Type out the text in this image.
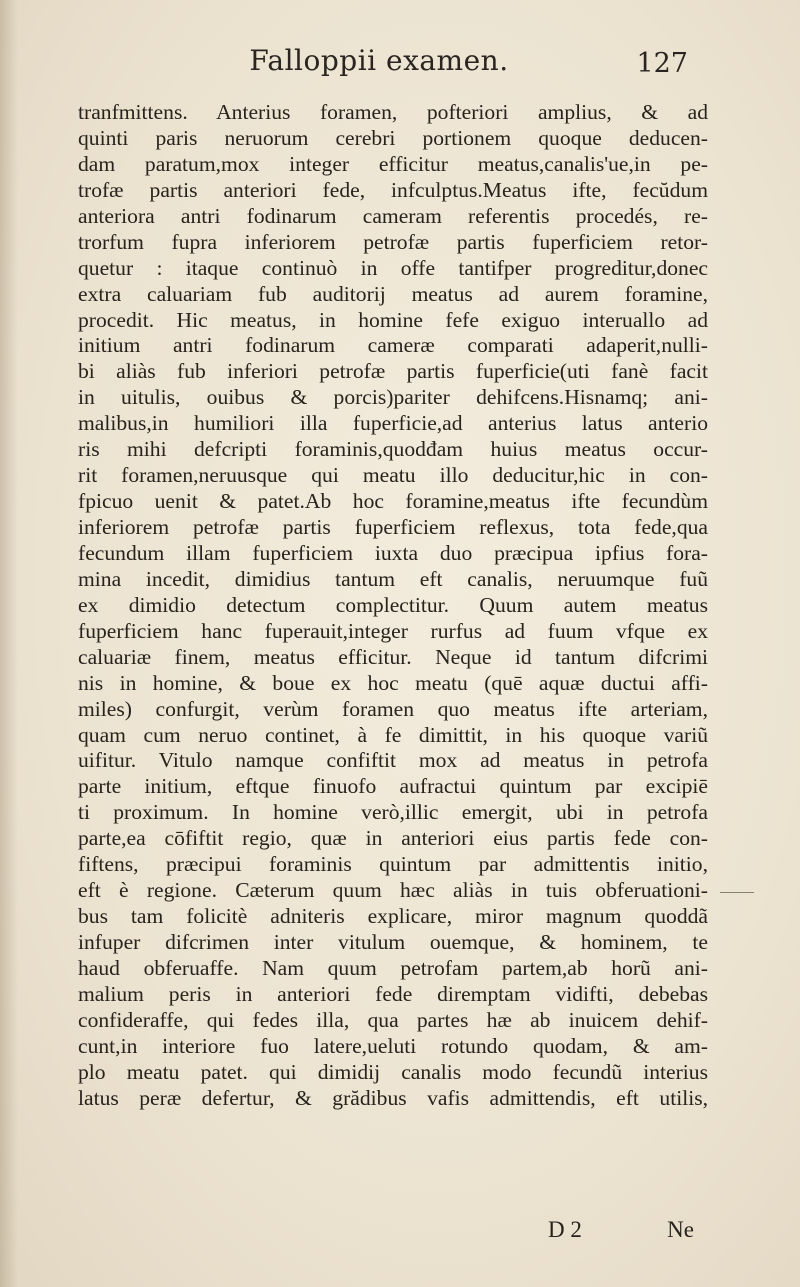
Falloppii examen.	127
tranfmittens. Anterius foramen, pofteriori amplius, & ad
quinti paris neruorum cerebri portionem quoque deducen-
dam paratum,mox integer efficitur meatus,canalis'ue,in pe-
trofæ partis anteriori fede, infculptus.Meatus ifte, fecŭdum
anteriora antri fodinarum cameram referentis procedés, re-
trorfum fupra inferiorem petrofæ partis fuperficiem retor-
quetur : itaque continuò in offe tantifper progreditur,donec
extra caluariam fub auditorij meatus ad aurem foramine,
procedit. Hic meatus, in homine fefe exiguo interuallo ad
initium antri fodinarum cameræ comparati adaperit,nulli-
bi aliàs fub inferiori petrofæ partis fuperficie(uti fanè facit
in uitulis, ouibus & porcis)pariter dehifcens.Hisnamq; ani-
malibus,in humiliori illa fuperficie,ad anterius latus anterio
ris mihi defcripti foraminis,quodđam huius meatus occur-
rit foramen,neruusque qui meatu illo deducitur,hic in con-
fpicuo uenit & patet.Ab hoc foramine,meatus ifte fecundùm
inferiorem petrofæ partis fuperficiem reflexus, tota fede,qua
fecundum illam fuperficiem iuxta duo præcipua ipfius fora-
mina incedit, dimidius tantum eft canalis, neruumque fuũ
ex dimidio detectum complectitur. Quum autem meatus
fuperficiem hanc fuperauit,integer rurfus ad fuum vfque ex
caluariæ finem, meatus efficitur. Neque id tantum difcrimi
nis in homine, & boue ex hoc meatu (quē aquæ ductui affi-
miles) confurgit, verùm foramen quo meatus ifte arteriam,
quam cum neruo continet, à fe dimittit, in his quoque variũ
uifitur. Vitulo namque confiftit mox ad meatus in petrofa
parte initium, eftque finuofo aufractui quintum par excipiē
ti proximum. In homine verò,illic emergit, ubi in petrofa
parte,ea cōfiftit regio, quæ in anteriori eius partis fede con-
fiftens, præcipui foraminis quintum par admittentis initio,
eft è regione. Cæterum quum hæc aliàs in tuis obferuationi-
bus tam folicitè adniteris explicare, miror magnum quoddã
infuper difcrimen inter vitulum ouemque, & hominem, te
haud obferuaffe. Nam quum petrofam partem,ab horũ ani-
malium peris in anteriori fede diremptam vidifti, debebas
confideraffe, qui fedes illa, qua partes hæ ab inuicem dehif-
cunt,in interiore fuo latere,ueluti rotundo quodam, & am-
plo meatu patet. qui dimidij canalis modo fecundũ interius
latus peræ defertur, & grădibus vafis admittendis, eft utilis,
D 2	Ne
